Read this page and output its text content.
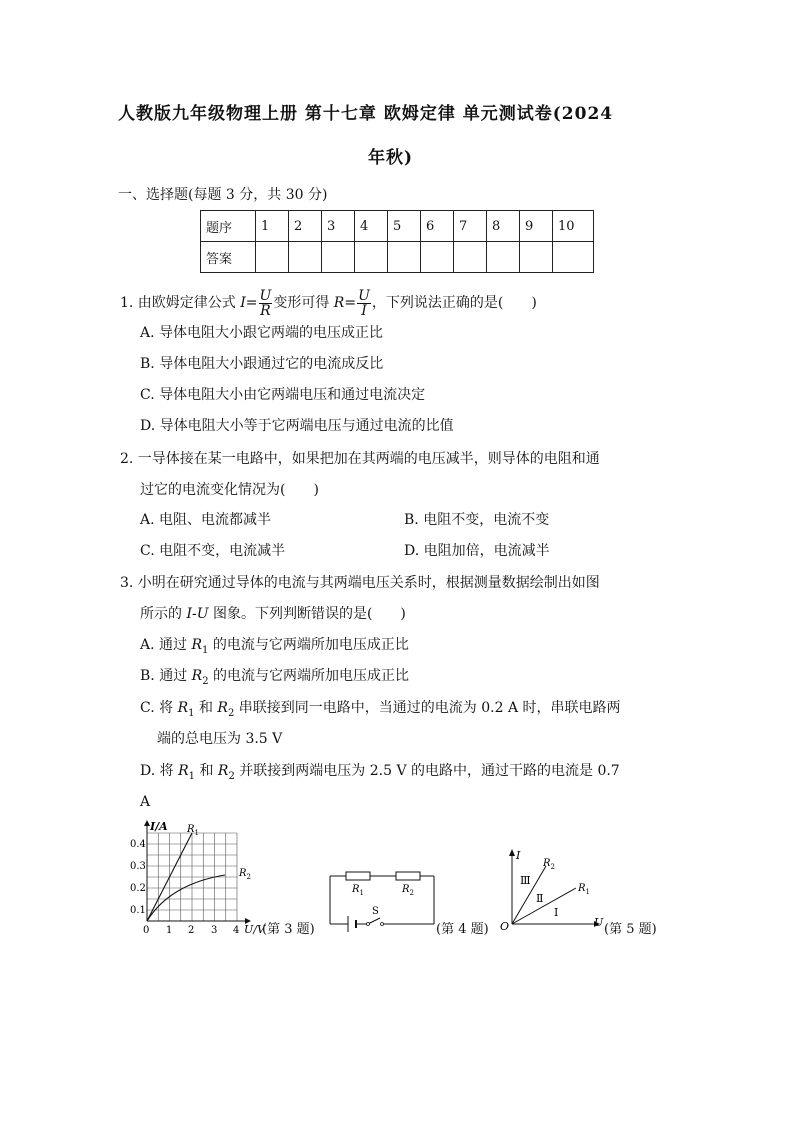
人教版九年级物理上册 第十七章 欧姆定律 单元测试卷(2024
年秋)
一、选择题(每题 3 分，共 30 分)
题序	1	2	3	4	5	6	7	8	9	10
答案										
1. 由欧姆定律公式 $I= \frac{U}{R}$ 变形可得 $R= \frac{U}{I}$ ，下列说法正确的是(　　)
A. 导体电阻大小跟它两端的电压成正比
B. 导体电阻大小跟通过它的电流成反比
C. 导体电阻大小由它两端电压和通过电流决定
D. 导体电阻大小等于它两端电压与通过电流的比值
2. 一导体接在某一电路中，如果把加在其两端的电压减半，则导体的电阻和通
过它的电流变化情况为(　　)
A. 电阻、电流都减半	B. 电阻不变，电流不变
C. 电阻不变，电流减半	D. 电阻加倍，电流减半
3. 小明在研究通过导体的电流与其两端电压关系时，根据测量数据绘制出如图
所示的 I-U 图象。下列判断错误的是(　　)
A. 通过 $R_1$ 的电流与它两端所加电压成正比
B. 通过 $R_2$ 的电流与它两端所加电压成正比
C. 将 $R_1$ 和 $R_2$ 串联接到同一电路中，当通过的电流为 0.2 A 时，串联电路两
端的总电压为 3.5 V
D. 将 $R_1$ 和 $R_2$ 并联接到两端电压为 2.5 V 的电路中，通过干路的电流是 0.7
A
I/A
0.1
0.2
0.3
0.4
0 1 2 3 4 U/V
$R_1$
$R_2$
(第 3 题)
$R_1$	$R_2$
S
(第 4 题)
I
U
O
$R_2$
$R_1$
Ⅲ
Ⅱ
Ⅰ
(第 5 题)
